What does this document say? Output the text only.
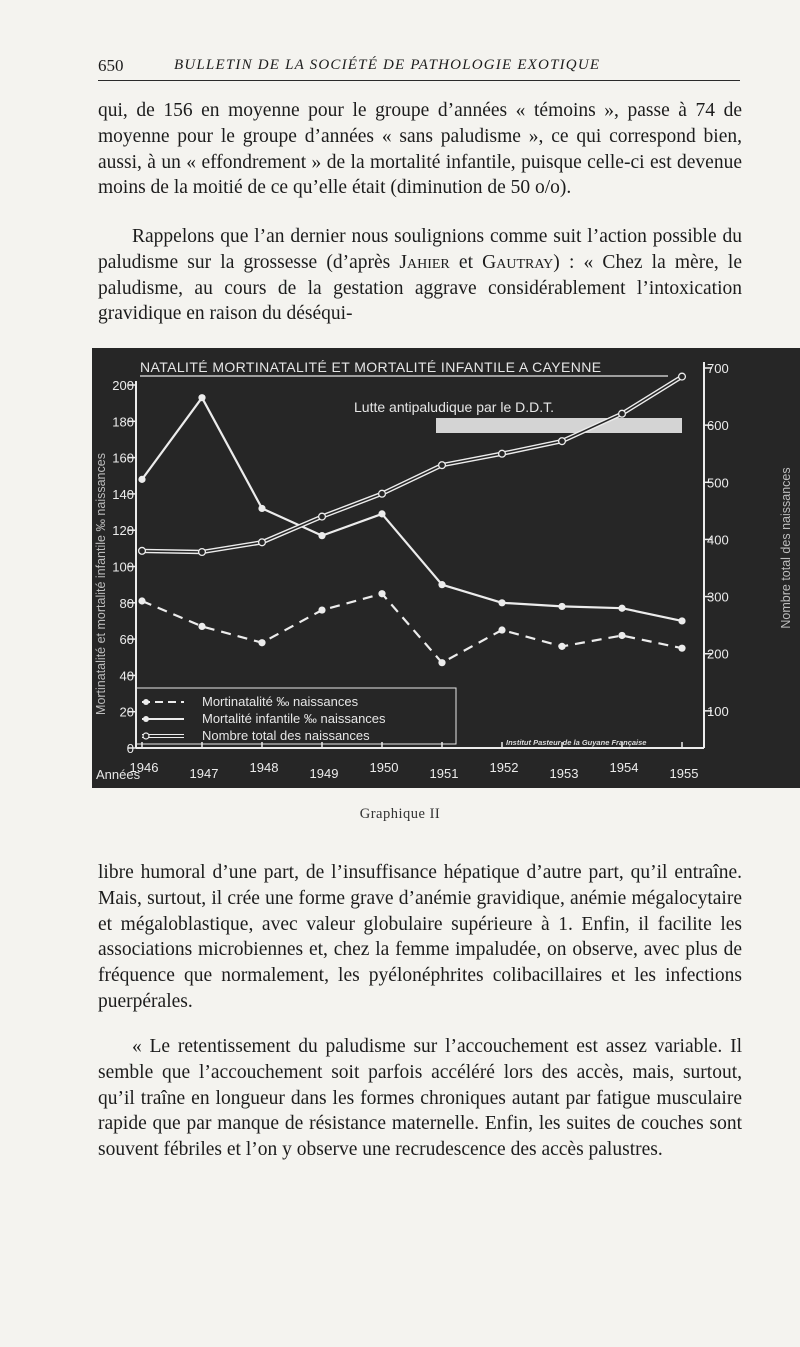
650	BULLETIN DE LA SOCIÉTÉ DE PATHOLOGIE EXOTIQUE

qui, de 156 en moyenne pour le groupe d’années « témoins », passe à 74 de moyenne pour le groupe d’années « sans paludisme », ce qui correspond bien, aussi, à un « effondrement » de la mortalité infantile, puisque celle-ci est devenue moins de la moitié de ce qu’elle était (diminution de 50 o/o).

Rappelons que l’an dernier nous soulignions comme suit l’action possible du paludisme sur la grossesse (d’après Jahier et Gautray) : « Chez la mère, le paludisme, au cours de la gestation aggrave considérablement l’intoxication gravidique en raison du déséqui-

NATALITÉ MORTINATALITÉ ET MORTALITÉ INFANTILE A CAYENNE
Lutte antipaludique par le D.D.T.
Mortinatalité et mortalité infantile ‰ naissances	Nombre total des naissances
Années
0
20
40
60
80
100
120
140
160
180
200
100
200
300
400
500
600
700
1946 1947 1948 1949 1950 1951 1952 1953 1954 1955
Mortinatalité ‰ naissances
Mortalité infantile ‰ naissances
Nombre total des naissances	Institut Pasteur de la Guyane Française
Graphique II

libre humoral d’une part, de l’insuffisance hépatique d’autre part, qu’il entraîne. Mais, surtout, il crée une forme grave d’anémie gravidique, anémie mégalocytaire et mégaloblastique, avec valeur globulaire supérieure à 1. Enfin, il facilite les associations microbiennes et, chez la femme impaludée, on observe, avec plus de fréquence que normalement, les pyélonéphrites colibacillaires et les infections puerpérales.

« Le retentissement du paludisme sur l’accouchement est assez variable. Il semble que l’accouchement soit parfois accéléré lors des accès, mais, surtout, qu’il traîne en longueur dans les formes chroniques autant par fatigue musculaire rapide que par manque de résistance maternelle. Enfin, les suites de couches sont souvent fébriles et l’on y observe une recrudescence des accès palustres.
